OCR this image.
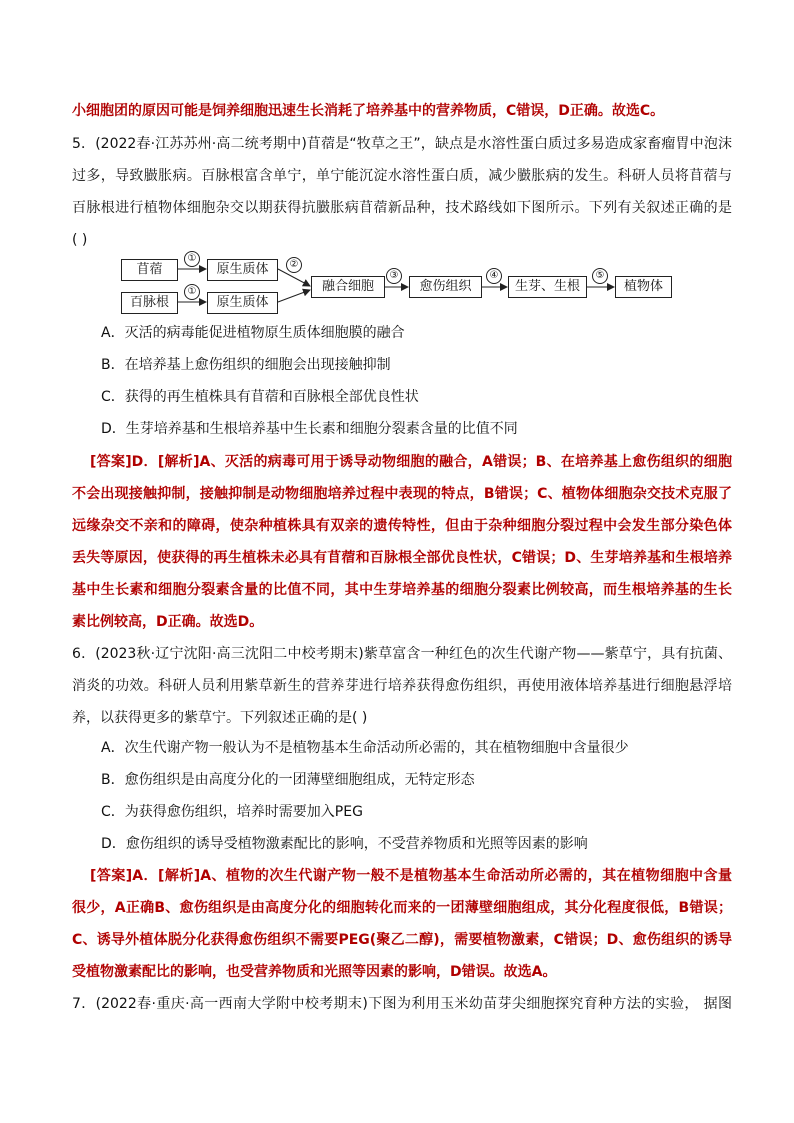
小细胞团的原因可能是饲养细胞迅速生长消耗了培养基中的营养物质，C错误，D正确。故选C。
5．(2022春·江苏苏州·高二统考期中)苜蓿是“牧草之王”，缺点是水溶性蛋白质过多易造成家畜瘤胃中泡沫
过多，导致臌胀病。百脉根富含单宁，单宁能沉淀水溶性蛋白质，减少臌胀病的发生。科研人员将苜蓿与
百脉根进行植物体细胞杂交以期获得抗臌胀病苜蓿新品种，技术路线如下图所示。下列有关叙述正确的是
( )
苜蓿
百脉根
原生质体
原生质体
融合细胞	愈伤组织	生芽、生根	植物体
①
①
②
③	④	⑤
A．灭活的病毒能促进植物原生质体细胞膜的融合
B．在培养基上愈伤组织的细胞会出现接触抑制
C．获得的再生植株具有苜蓿和百脉根全部优良性状
D．生芽培养基和生根培养基中生长素和细胞分裂素含量的比值不同
[答案]D．[解析]A、灭活的病毒可用于诱导动物细胞的融合，A错误；B、在培养基上愈伤组织的细胞
不会出现接触抑制，接触抑制是动物细胞培养过程中表现的特点，B错误；C、植物体细胞杂交技术克服了
远缘杂交不亲和的障碍，使杂种植株具有双亲的遗传特性，但由于杂种细胞分裂过程中会发生部分染色体
丢失等原因，使获得的再生植株未必具有苜蓿和百脉根全部优良性状，C错误；D、生芽培养基和生根培养
基中生长素和细胞分裂素含量的比值不同，其中生芽培养基的细胞分裂素比例较高，而生根培养基的生长
素比例较高，D正确。故选D。
6．(2023秋·辽宁沈阳·高三沈阳二中校考期末)紫草富含一种红色的次生代谢产物——紫草宁，具有抗菌、
消炎的功效。科研人员利用紫草新生的营养芽进行培养获得愈伤组织，再使用液体培养基进行细胞悬浮培
养，以获得更多的紫草宁。下列叙述正确的是( )
A．次生代谢产物一般认为不是植物基本生命活动所必需的，其在植物细胞中含量很少
B．愈伤组织是由高度分化的一团薄壁细胞组成，无特定形态
C．为获得愈伤组织，培养时需要加入PEG
D．愈伤组织的诱导受植物激素配比的影响，不受营养物质和光照等因素的影响
[答案]A．[解析]A、植物的次生代谢产物一般不是植物基本生命活动所必需的，其在植物细胞中含量
很少，A正确B、愈伤组织是由高度分化的细胞转化而来的一团薄壁细胞组成，其分化程度很低，B错误；
C、诱导外植体脱分化获得愈伤组织不需要PEG(聚乙二醇)，需要植物激素，C错误；D、愈伤组织的诱导
受植物激素配比的影响，也受营养物质和光照等因素的影响，D错误。故选A。
7．(2022春·重庆·高一西南大学附中校考期末)下图为利用玉米幼苗芽尖细胞探究育种方法的实验， 据图
